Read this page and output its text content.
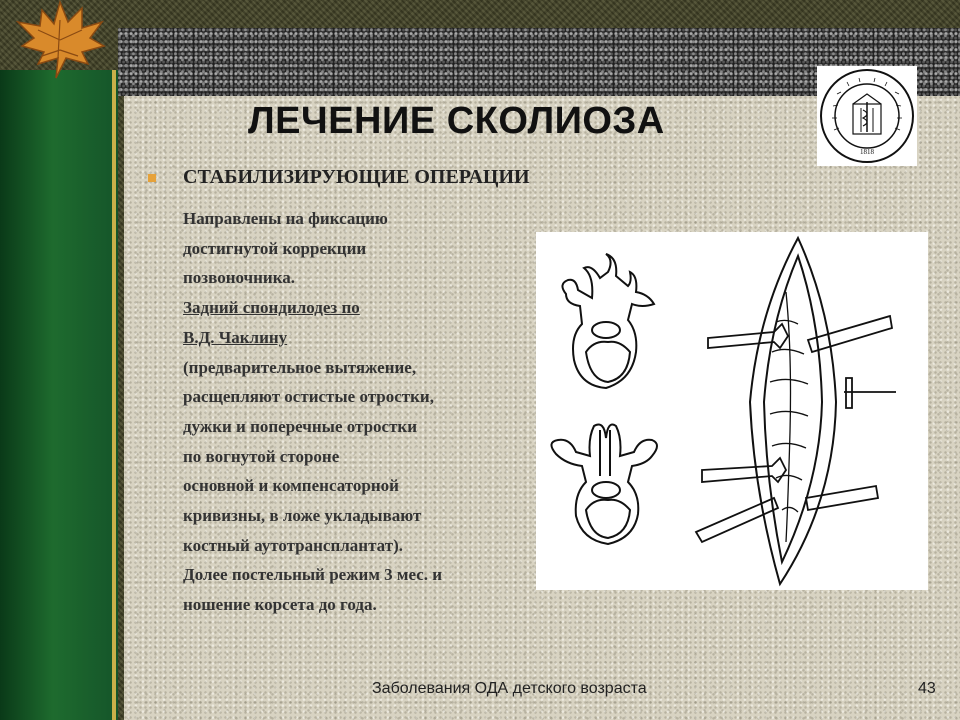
ЛЕЧЕНИЕ СКОЛИОЗА
1818
СТАБИЛИЗИРУЮЩИЕ ОПЕРАЦИИ
Направлены на фиксацию
достигнутой коррекции
позвоночника.
Задний спондилодез по
В.Д. Чаклину
(предварительное вытяжение,
расщепляют остистые отростки,
дужки и поперечные отростки
по вогнутой стороне
основной и компенсаторной
кривизны, в ложе укладывают
костный аутотрансплантат).
Долее постельный режим 3 мес. и
ношение корсета до года.
Заболевания ОДА детского возраста	43
